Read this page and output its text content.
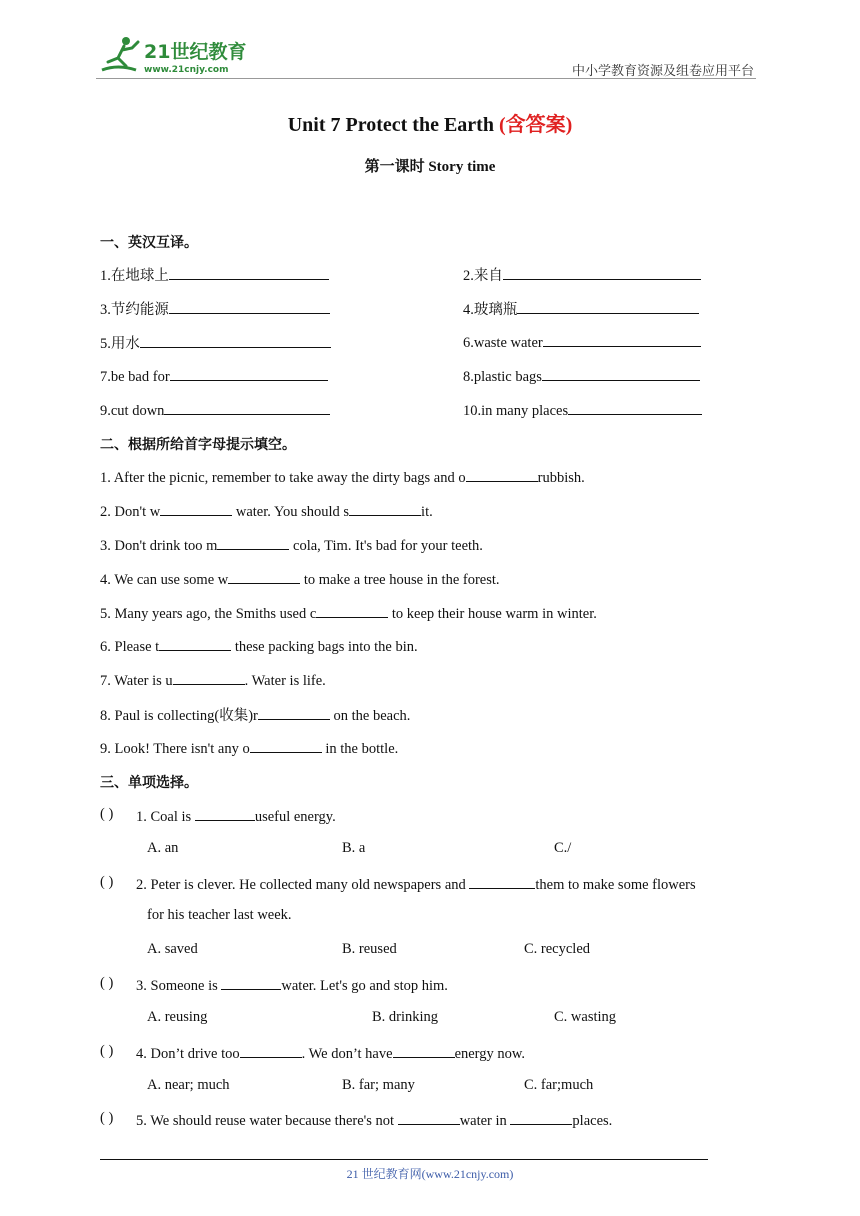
21世纪教育
www.21cnjy.com	中小学教育资源及组卷应用平台
Unit 7 Protect the Earth (含答案)
第一课时 Story time
一、英汉互译。
1.在地球上	2.来自
3.节约能源	4.玻璃瓶
5.用水	6.waste water
7.be bad for	8.plastic bags
9.cut down	10.in many places
二、根据所给首字母提示填空。
1. After the picnic, remember to take away the dirty bags and o	rubbish.
2. Don't w	water. You should s	it.
3. Don't drink too m	cola, Tim. It's bad for your teeth.
4. We can use some w	to make a tree house in the forest.
5. Many years ago, the Smiths used c	to keep their house warm in winter.
6. Please t	these packing bags into the bin.
7. Water is u	. Water is life.
8. Paul is collecting(收集)r	on the beach.
9. Look! There isn't any o	in the bottle.
三、单项选择。
( ) 1. Coal is	useful energy.
A. an	B. a	C./
( ) 2. Peter is clever. He collected many old newspapers and	them to make some flowers
for his teacher last week.
A. saved	B. reused	C. recycled
( ) 3. Someone is	water. Let's go and stop him.
A. reusing	B. drinking	C. wasting
( ) 4. Don’t drive too	. We don’t have	energy now.
A. near; much	B. far; many	C. far;much
( ) 5. We should reuse water because there's not	water in	places.
21 世纪教育网(www.21cnjy.com)
